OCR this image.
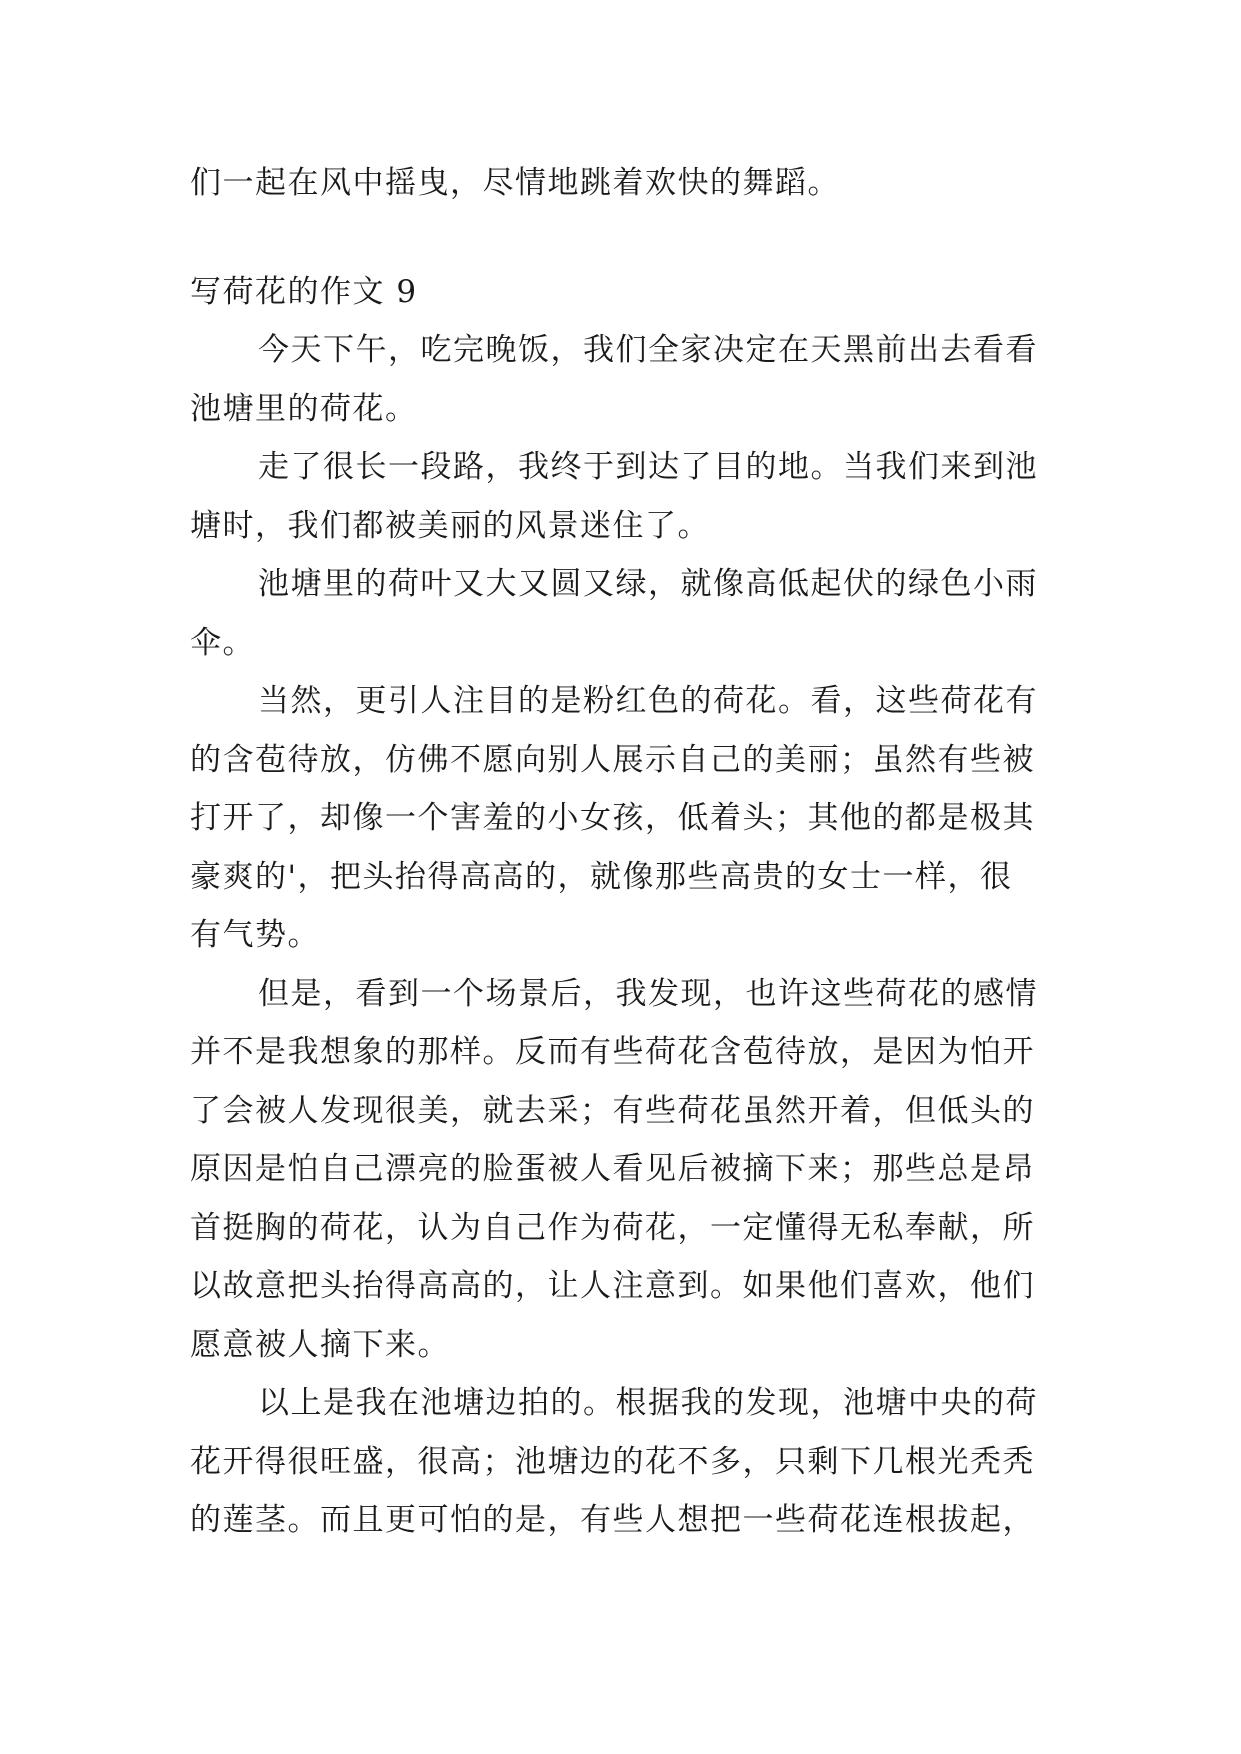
们一起在风中摇曳，尽情地跳着欢快的舞蹈。
写荷花的作文 9
今天下午，吃完晚饭，我们全家决定在天黑前出去看看
池塘里的荷花。
走了很长一段路，我终于到达了目的地。当我们来到池
塘时，我们都被美丽的风景迷住了。
池塘里的荷叶又大又圆又绿，就像高低起伏的绿色小雨
伞。
当然，更引人注目的是粉红色的荷花。看，这些荷花有
的含苞待放，仿佛不愿向别人展示自己的美丽；虽然有些被
打开了，却像一个害羞的小女孩，低着头；其他的都是极其
豪爽的'，把头抬得高高的，就像那些高贵的女士一样，很
有气势。
但是，看到一个场景后，我发现，也许这些荷花的感情
并不是我想象的那样。反而有些荷花含苞待放，是因为怕开
了会被人发现很美，就去采；有些荷花虽然开着，但低头的
原因是怕自己漂亮的脸蛋被人看见后被摘下来；那些总是昂
首挺胸的荷花，认为自己作为荷花，一定懂得无私奉献，所
以故意把头抬得高高的，让人注意到。如果他们喜欢，他们
愿意被人摘下来。
以上是我在池塘边拍的。根据我的发现，池塘中央的荷
花开得很旺盛，很高；池塘边的花不多，只剩下几根光秃秃
的莲茎。而且更可怕的是，有些人想把一些荷花连根拔起，
